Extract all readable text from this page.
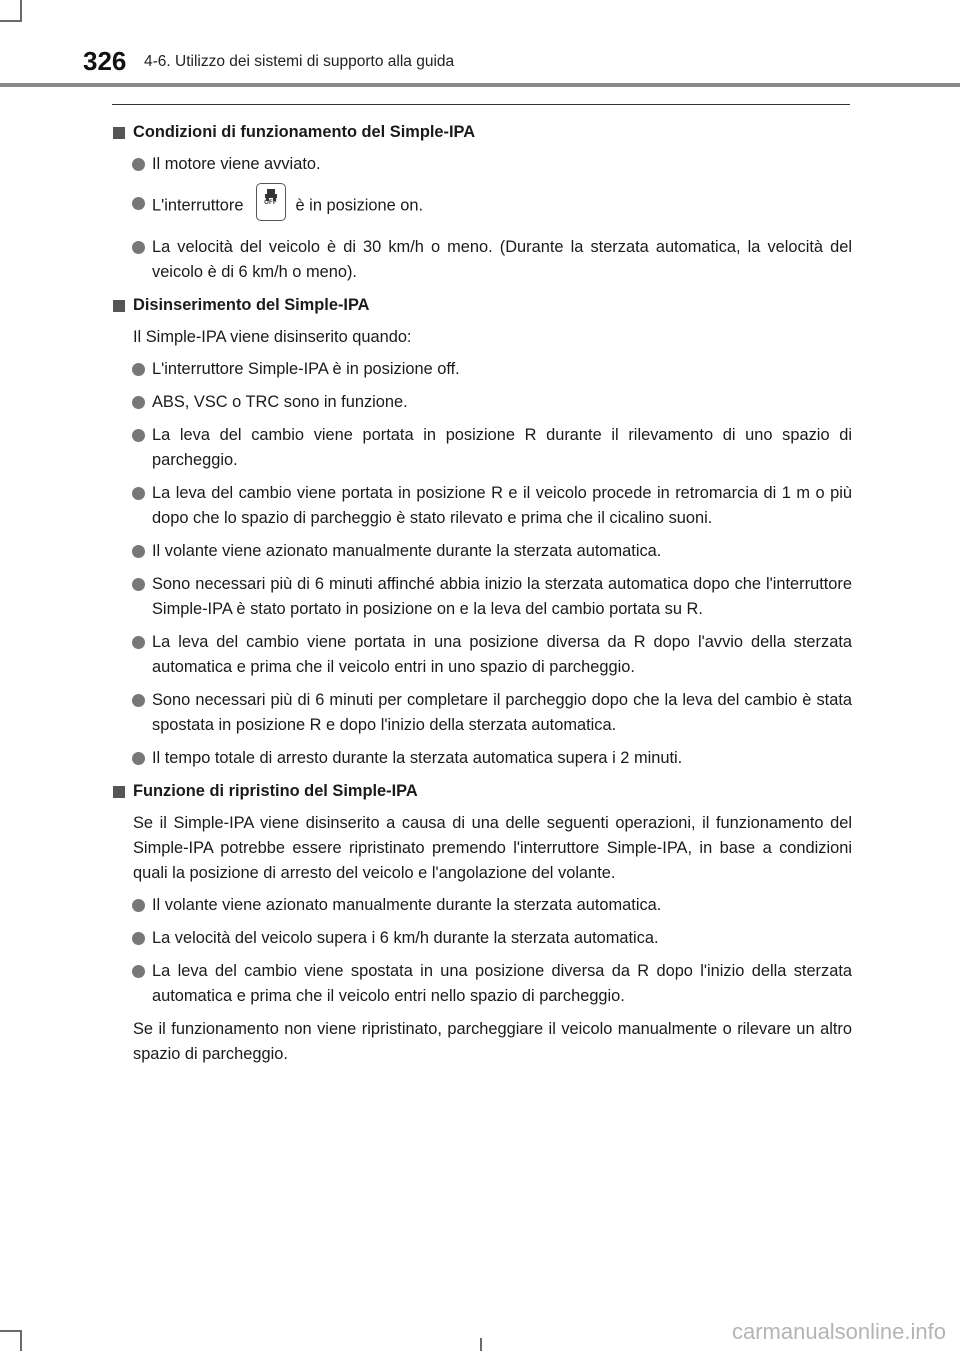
326 4-6. Utilizzo dei sistemi di supporto alla guida
Condizioni di funzionamento del Simple-IPA
Il motore viene avviato.
L'interruttore	OFF	è in posizione on.
La velocità del veicolo è di 30 km/h o meno. (Durante la sterzata automatica, la velocità del veicolo è di 6 km/h o meno).
Disinserimento del Simple-IPA
Il Simple-IPA viene disinserito quando:
L'interruttore Simple-IPA è in posizione off.
ABS, VSC o TRC sono in funzione.
La leva del cambio viene portata in posizione R durante il rilevamento di uno spazio di parcheggio.
La leva del cambio viene portata in posizione R e il veicolo procede in retromarcia di 1 m o più dopo che lo spazio di parcheggio è stato rilevato e prima che il cicalino suoni.
Il volante viene azionato manualmente durante la sterzata automatica.
Sono necessari più di 6 minuti affinché abbia inizio la sterzata automatica dopo che l'interruttore Simple-IPA è stato portato in posizione on e la leva del cambio portata su R.
La leva del cambio viene portata in una posizione diversa da R dopo l'avvio della sterzata automatica e prima che il veicolo entri in uno spazio di parcheggio.
Sono necessari più di 6 minuti per completare il parcheggio dopo che la leva del cambio è stata spostata in posizione R e dopo l'inizio della sterzata automatica.
Il tempo totale di arresto durante la sterzata automatica supera i 2 minuti.
Funzione di ripristino del Simple-IPA
Se il Simple-IPA viene disinserito a causa di una delle seguenti operazioni, il funzionamento del Simple-IPA potrebbe essere ripristinato premendo l'interruttore Simple-IPA, in base a condizioni quali la posizione di arresto del veicolo e l'angolazione del volante.
Il volante viene azionato manualmente durante la sterzata automatica.
La velocità del veicolo supera i 6 km/h durante la sterzata automatica.
La leva del cambio viene spostata in una posizione diversa da R dopo l'inizio della sterzata automatica e prima che il veicolo entri nello spazio di parcheggio.
Se il funzionamento non viene ripristinato, parcheggiare il veicolo manualmente o rilevare un altro spazio di parcheggio.
carmanualsonline.info
